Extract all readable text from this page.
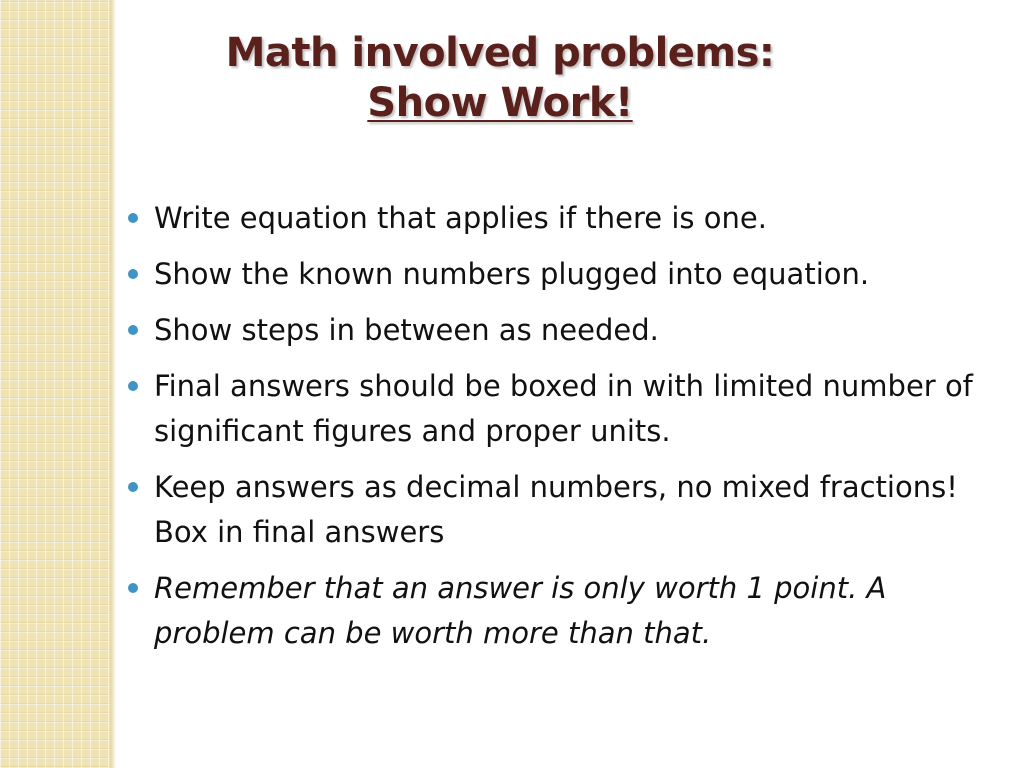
Math involved problems:
Show Work!
Write equation that applies if there is one.
Show the known numbers plugged into equation.
Show steps in between as needed.
Final answers should be boxed in with limited number of significant figures and proper units.
Keep answers as decimal numbers, no mixed fractions! Box in final answers
Remember that an answer is only worth 1 point. A problem can be worth more than that.
